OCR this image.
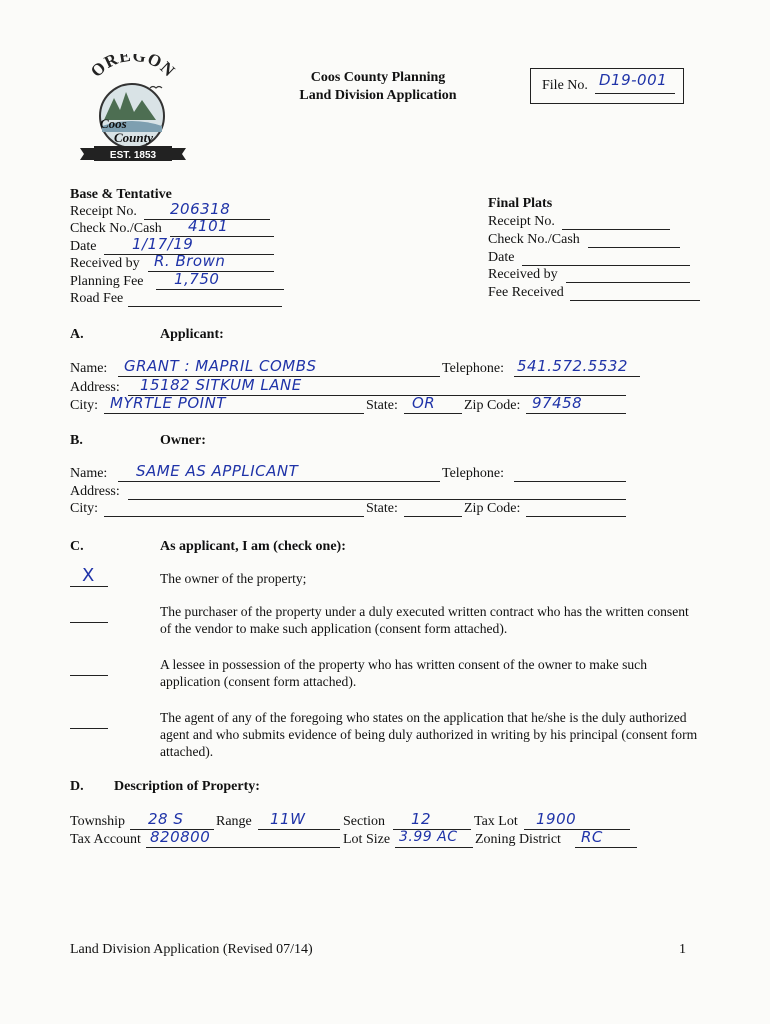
OREGON
Coos
County
EST. 1853
Coos County Planning
Land Division Application
File No. D19-001
Base & Tentative
Receipt No. 206318
Check No./Cash 4101
Date 1/17/19
Received by R. Brown
Planning Fee 1,750
Road Fee
Final Plats
Receipt No.
Check No./Cash
Date
Received by
Fee Received
A.	Applicant:
Name: GRANT : MAPRIL COMBS	Telephone: 541.572.5532
Address: 15182 SITKUM LANE
City: MYRTLE POINT	State: OR Zip Code: 97458
B.	Owner:
Name: SAME AS APPLICANT	Telephone:
Address:
City:	State:	Zip Code:
C.	As applicant, I am (check one):
X	The owner of the property;
The purchaser of the property under a duly executed written contract who has the written consent of the vendor to make such application (consent form attached).
A lessee in possession of the property who has written consent of the owner to make such application (consent form attached).
The agent of any of the foregoing who states on the application that he/she is the duly authorized agent and who submits evidence of being duly authorized in writing by his principal (consent form attached).
D. Description of Property:
Township 28 S Range 11W	Section 12	Tax Lot 1900
Tax Account 820800	Lot Size 3.99 AC Zoning District RC
Land Division Application (Revised 07/14)	1
